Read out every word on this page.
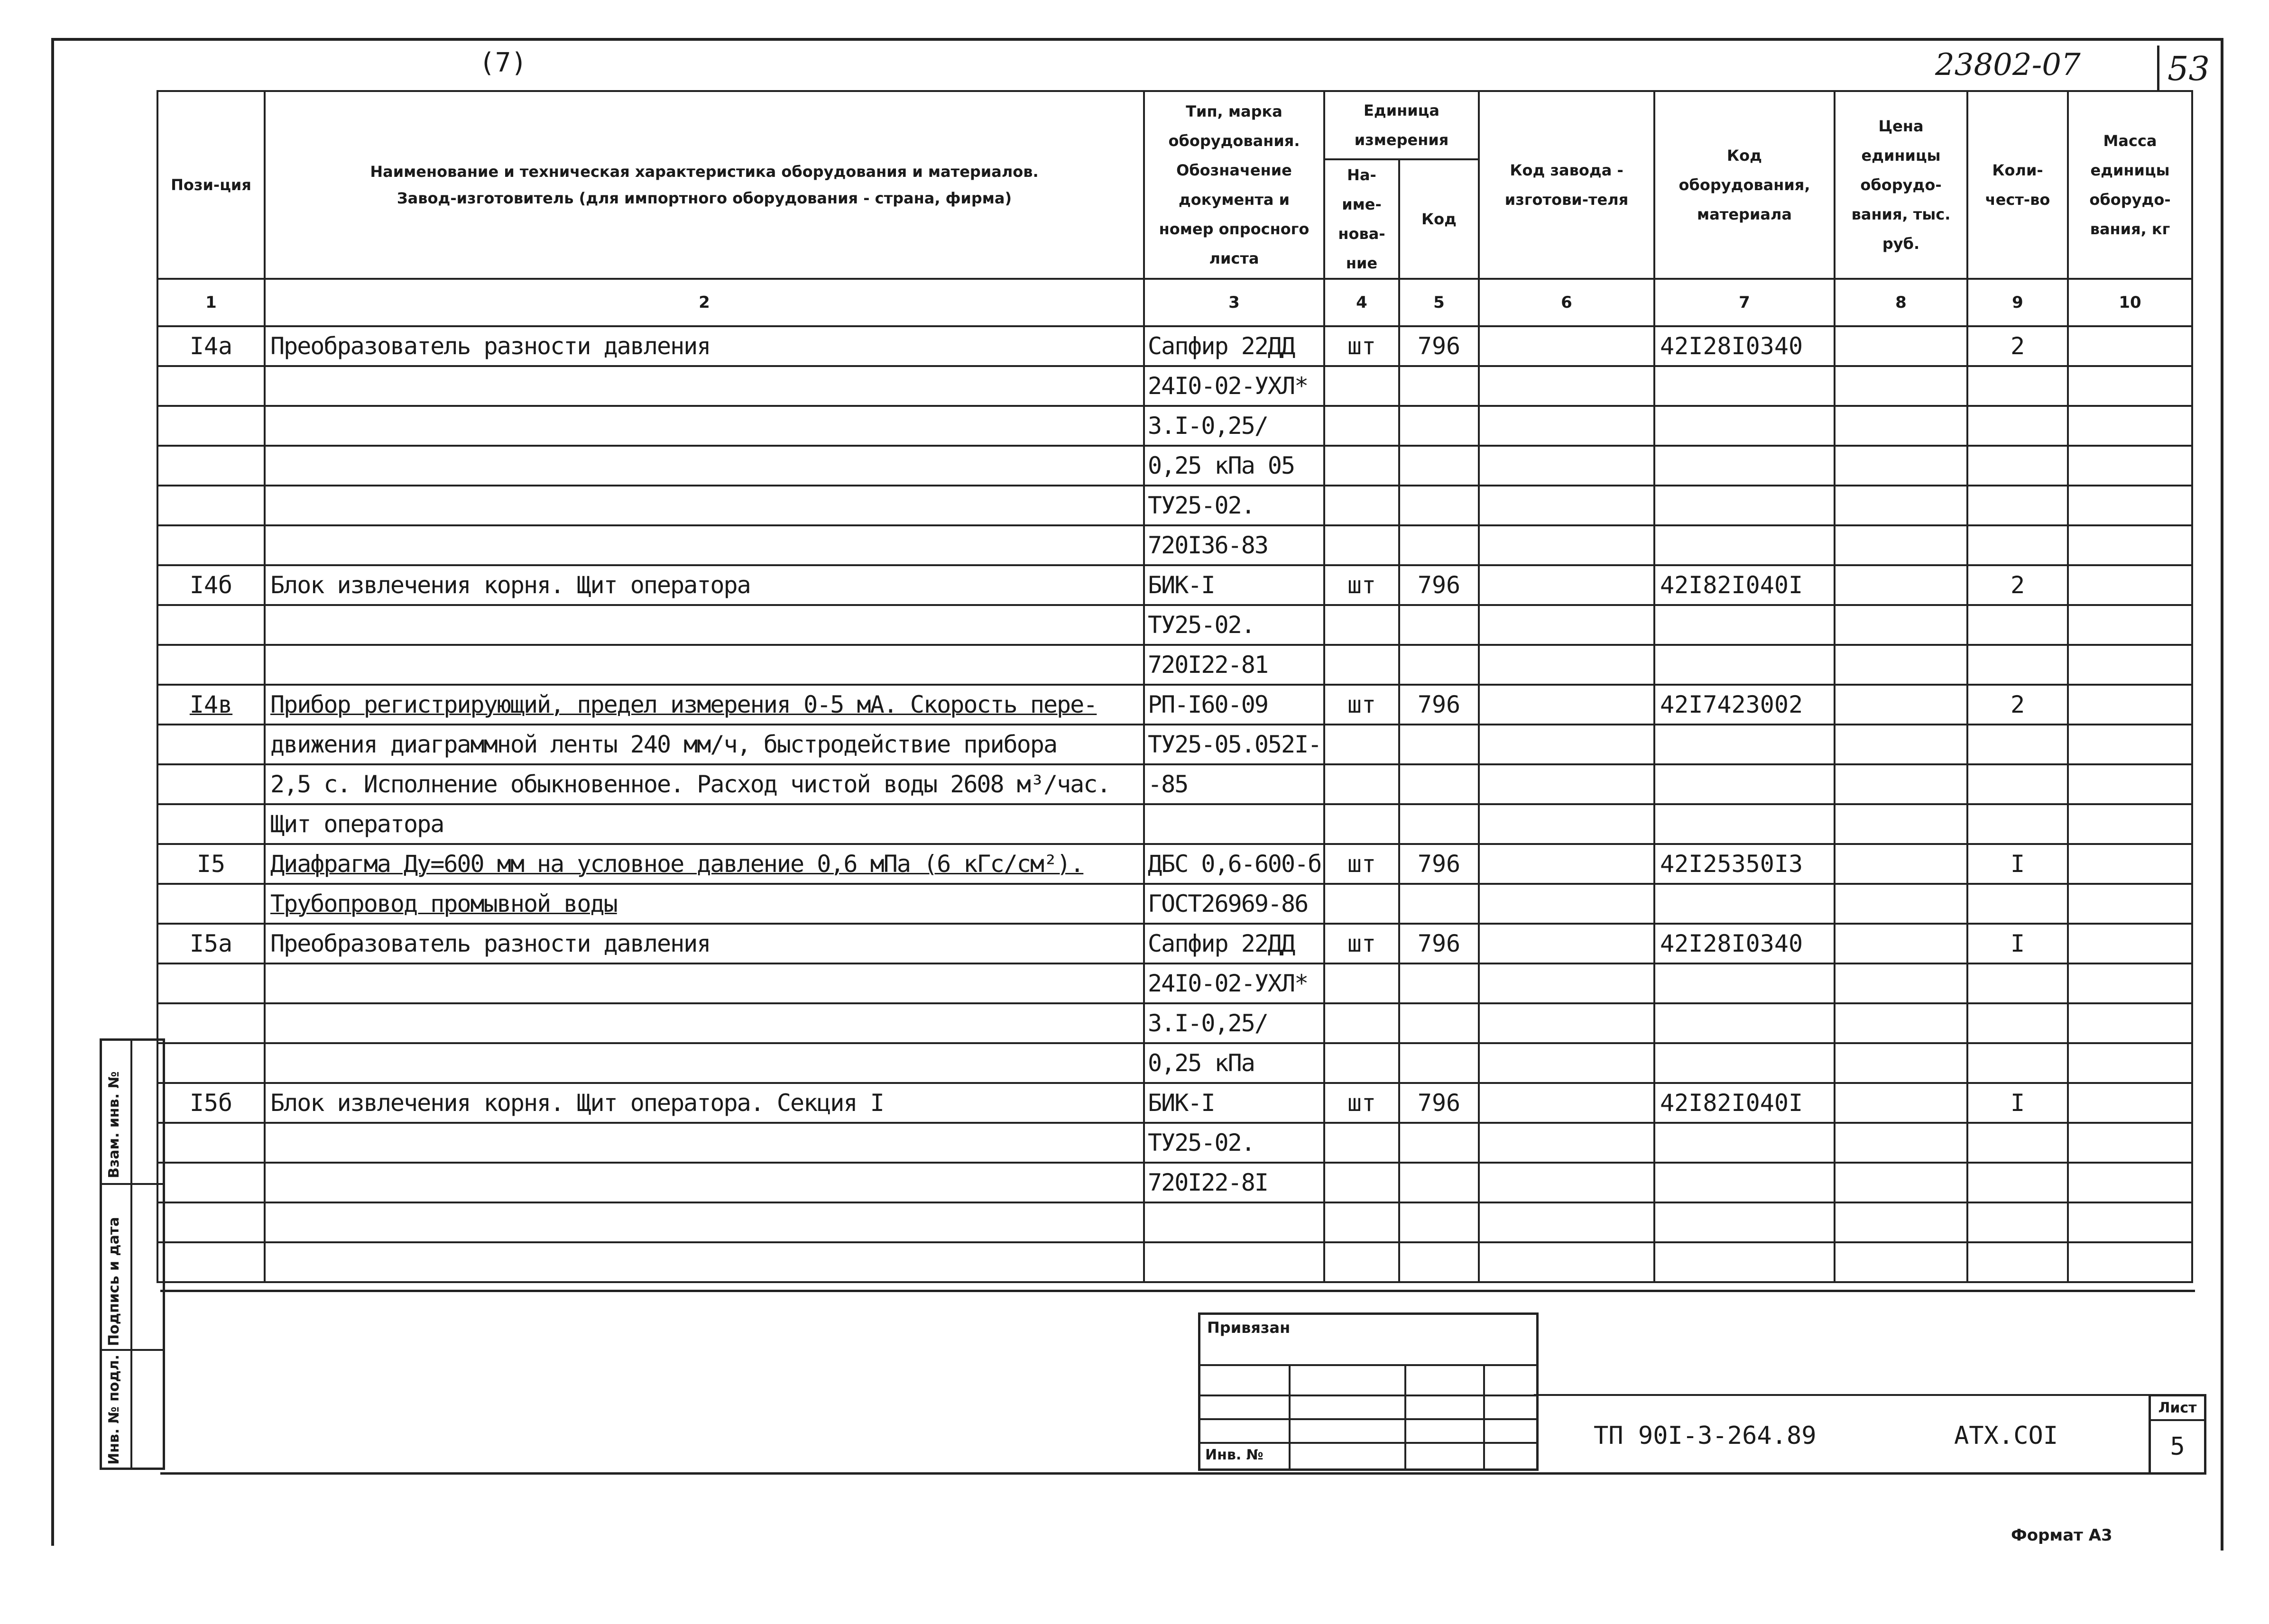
(7)	23802-07	53
Пози-ция	Наименование и техническая характеристика оборудования и материалов.
Завод-изготовитель (для импортного оборудования - страна, фирма)	Тип, марка оборудования. Обозначение документа и номер опросного листа	Единица измерения		Код завода - изготови-теля	Код оборудования, материала	Цена единицы оборудо-вания, тыс. руб.	Коли-чест-во	Масса единицы оборудо-вания, кг
			На-име-нова-ние	Код					
1	2	3	4	5	6	7	8	9	10
I4а	Преобразователь разности давления	Сапфир 22ДД	шт	796		42I28I0340		2	
		24I0-02-УХЛ*							
		3.I-0,25/							
		0,25 кПа 05							
		ТУ25-02.							
		720I36-83							
I4б	Блок извлечения корня. Щит оператора	БИК-I	шт	796		42I82I040I		2	
		ТУ25-02.							
		720I22-81							
I4в	Прибор регистрирующий, предел измерения 0-5 мА. Скорость пере-	РП-I60-09	шт	796		42I7423002		2	
	движения диаграммной ленты 240 мм/ч, быстродействие прибора	ТУ25-05.052I-							
	2,5 с. Исполнение обыкновенное. Расход чистой воды 2608 м³/час.	-85							
	Щит оператора								
I5	Диафрагма Ду=600 мм на условное давление 0,6 мПа (6 кГс/см²).	ДБС 0,6-600-б	шт	796		42I25350I3		I	
	Трубопровод промывной воды	ГОСТ26969-86							
I5а	Преобразователь разности давления	Сапфир 22ДД	шт	796		42I28I0340		I	
		24I0-02-УХЛ*							
		3.I-0,25/							
		0,25 кПа							
I5б	Блок извлечения корня. Щит оператора. Секция I	БИК-I	шт	796		42I82I040I		I	
		ТУ25-02.							
		720I22-8I							

Взам. инв. №
Подпись и дата
Инв. № подл.
Привязан
Инв. №
ТП 90I-3-264.89	АТХ.СОI
Лист
5
Формат А3
